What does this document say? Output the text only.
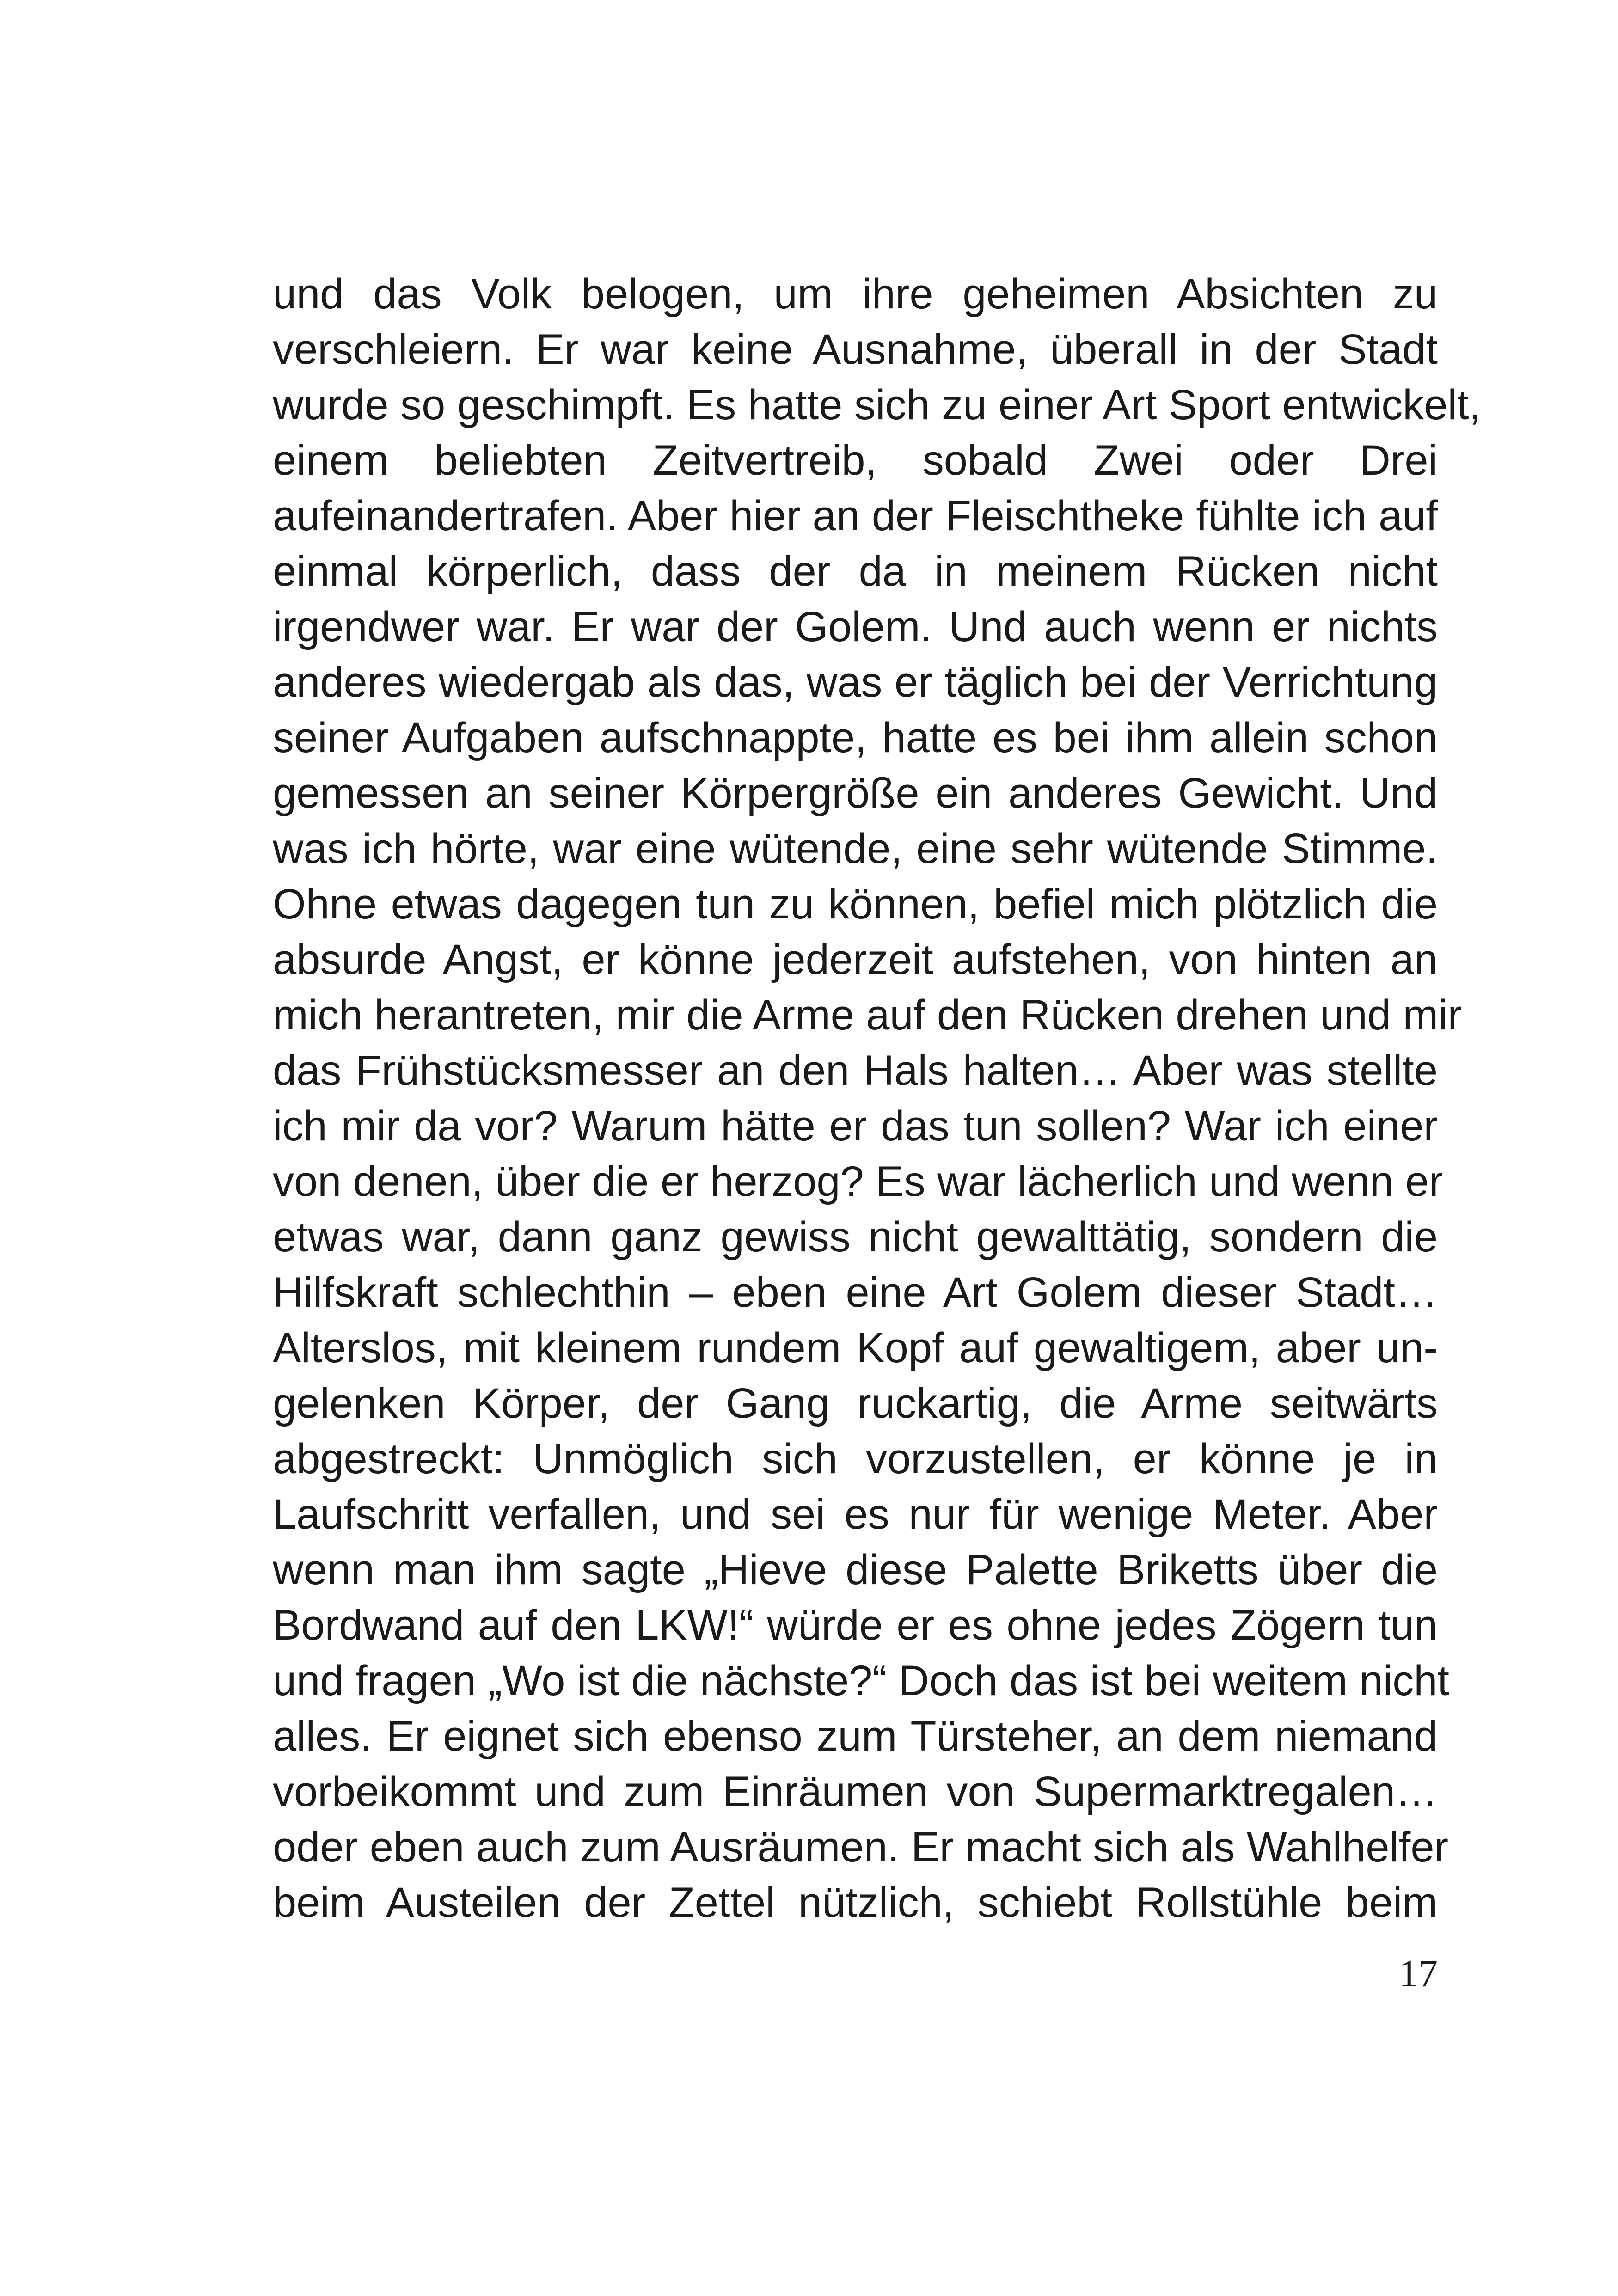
und das Volk belogen, um ihre geheimen Absichten zu
verschleiern. Er war keine Ausnahme, überall in der Stadt
wurde so geschimpft. Es hatte sich zu einer Art Sport entwickelt,
einem beliebten Zeitvertreib, sobald Zwei oder Drei
aufeinandertrafen. Aber hier an der Fleischtheke fühlte ich auf
einmal körperlich, dass der da in meinem Rücken nicht
irgendwer war. Er war der Golem. Und auch wenn er nichts
anderes wiedergab als das, was er täglich bei der Verrichtung
seiner Aufgaben aufschnappte, hatte es bei ihm allein schon
gemessen an seiner Körpergröße ein anderes Gewicht. Und
was ich hörte, war eine wütende, eine sehr wütende Stimme.
Ohne etwas dagegen tun zu können, befiel mich plötzlich die
absurde Angst, er könne jederzeit aufstehen, von hinten an
mich herantreten, mir die Arme auf den Rücken drehen und mir
das Frühstücksmesser an den Hals halten… Aber was stellte
ich mir da vor? Warum hätte er das tun sollen? War ich einer
von denen, über die er herzog? Es war lächerlich und wenn er
etwas war, dann ganz gewiss nicht gewalttätig, sondern die
Hilfskraft schlechthin – eben eine Art Golem dieser Stadt…
Alterslos, mit kleinem rundem Kopf auf gewaltigem, aber un-
gelenken Körper, der Gang ruckartig, die Arme seitwärts
abgestreckt: Unmöglich sich vorzustellen, er könne je in
Laufschritt verfallen, und sei es nur für wenige Meter. Aber
wenn man ihm sagte „Hieve diese Palette Briketts über die
Bordwand auf den LKW!“ würde er es ohne jedes Zögern tun
und fragen „Wo ist die nächste?“ Doch das ist bei weitem nicht
alles. Er eignet sich ebenso zum Türsteher, an dem niemand
vorbeikommt und zum Einräumen von Supermarktregalen…
oder eben auch zum Ausräumen. Er macht sich als Wahlhelfer
beim Austeilen der Zettel nützlich, schiebt Rollstühle beim
17
